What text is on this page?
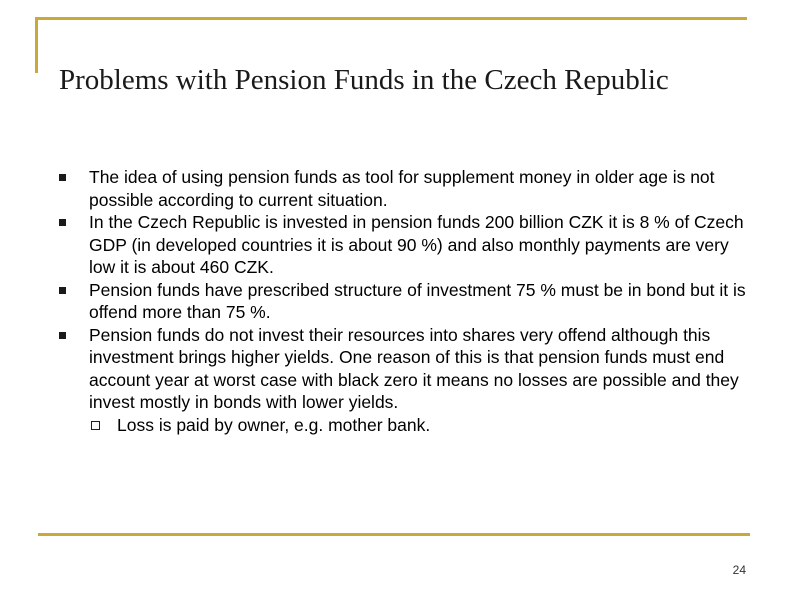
Problems with Pension Funds in the Czech Republic
The idea of using pension funds as tool for supplement money in older age is not possible according to current situation.
In the Czech Republic is invested in pension funds 200 billion CZK it is 8 % of Czech GDP (in developed countries it is about 90 %) and also monthly payments are very low it is about 460 CZK.
Pension funds have prescribed structure of investment 75 % must be in bond but it is offend more than 75 %.
Pension funds do not invest their resources into shares very offend although this investment brings higher yields. One reason of this is that pension funds must end account year at worst case with black zero it means no losses are possible and they invest mostly in bonds with lower yields.
Loss is paid by owner, e.g. mother bank.
24
